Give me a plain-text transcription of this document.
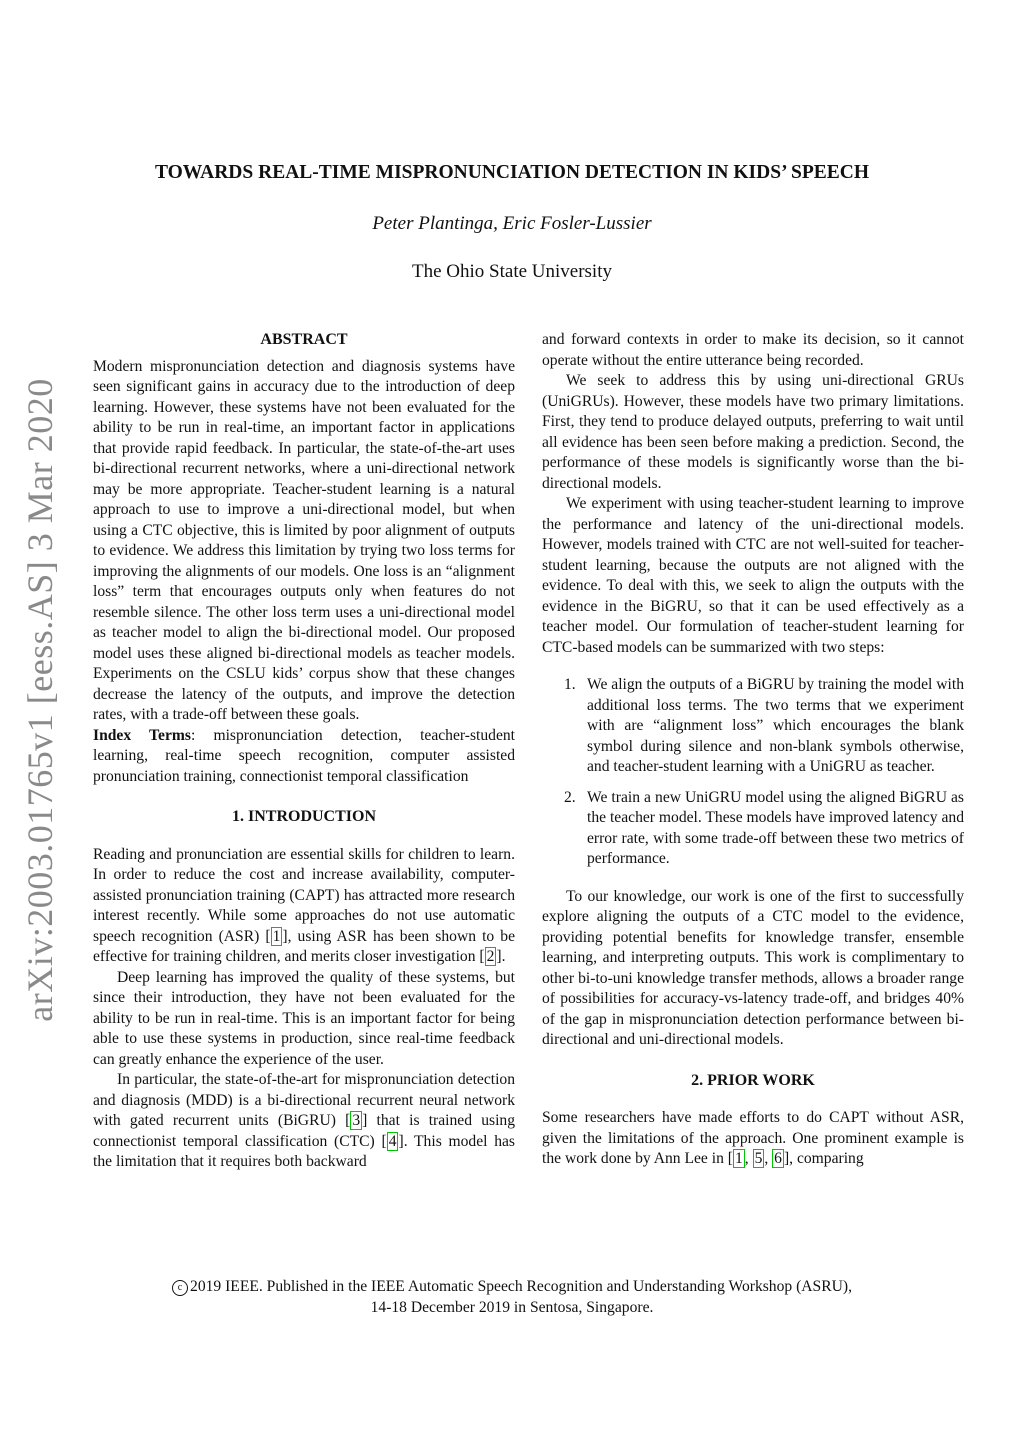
arXiv:2003.01765v1 [eess.AS] 3 Mar 2020
TOWARDS REAL-TIME MISPRONUNCIATION DETECTION IN KIDS’ SPEECH
Peter Plantinga, Eric Fosler-Lussier
The Ohio State University

ABSTRACT

Modern mispronunciation detection and diagnosis systems have seen significant gains in accuracy due to the introduction of deep learning. However, these systems have not been evaluated for the ability to be run in real-time, an important factor in applications that provide rapid feedback. In particular, the state-of-the-art uses bi-directional recurrent networks, where a uni-directional network may be more appropriate. Teacher-student learning is a natural approach to use to improve a uni-directional model, but when using a CTC objective, this is limited by poor alignment of outputs to evidence. We address this limitation by trying two loss terms for improving the alignments of our models. One loss is an “alignment loss” term that encourages outputs only when features do not resemble silence. The other loss term uses a uni-directional model as teacher model to align the bi-directional model. Our proposed model uses these aligned bi-directional models as teacher models. Experiments on the CSLU kids’ corpus show that these changes decrease the latency of the outputs, and improve the detection rates, with a trade-off between these goals.

Index Terms: mispronunciation detection, teacher-student learning, real-time speech recognition, computer assisted pronunciation training, connectionist temporal classification

1. INTRODUCTION

Reading and pronunciation are essential skills for children to learn. In order to reduce the cost and increase availability, computer-assisted pronunciation training (CAPT) has attracted more research interest recently. While some approaches do not use automatic speech recognition (ASR) [ 1 ], using ASR has been shown to be effective for training children, and merits closer investigation [ 2 ].

Deep learning has improved the quality of these systems, but since their introduction, they have not been evaluated for the ability to be run in real-time. This is an important factor for being able to use these systems in production, since real-time feedback can greatly enhance the experience of the user.

In particular, the state-of-the-art for mispronunciation detection and diagnosis (MDD) is a bi-directional recurrent neural network with gated recurrent units (BiGRU) [ 3 ] that is trained using connectionist temporal classification (CTC) [ 4 ]. This model has the limitation that it requires both backward

and forward contexts in order to make its decision, so it cannot operate without the entire utterance being recorded.

We seek to address this by using uni-directional GRUs (UniGRUs). However, these models have two primary limitations. First, they tend to produce delayed outputs, preferring to wait until all evidence has been seen before making a prediction. Second, the performance of these models is significantly worse than the bi-directional models.

We experiment with using teacher-student learning to improve the performance and latency of the uni-directional models. However, models trained with CTC are not well-suited for teacher-student learning, because the outputs are not aligned with the evidence. To deal with this, we seek to align the outputs with the evidence in the BiGRU, so that it can be used effectively as a teacher model. Our formulation of teacher-student learning for CTC-based models can be summarized with two steps:

1. We align the outputs of a BiGRU by training the model with additional loss terms. The two terms that we experiment with are “alignment loss” which encourages the blank symbol during silence and non-blank symbols otherwise, and teacher-student learning with a UniGRU as teacher.
2. We train a new UniGRU model using the aligned BiGRU as the teacher model. These models have improved latency and error rate, with some trade-off between these two metrics of performance.

To our knowledge, our work is one of the first to successfully explore aligning the outputs of a CTC model to the evidence, providing potential benefits for knowledge transfer, ensemble learning, and interpreting outputs. This work is complimentary to other bi-to-uni knowledge transfer methods, allows a broader range of possibilities for accuracy-vs-latency trade-off, and bridges 40% of the gap in mispronunciation detection performance between bi-directional and uni-directional models.

2. PRIOR WORK

Some researchers have made efforts to do CAPT without ASR, given the limitations of the approach. One prominent example is the work done by Ann Lee in [ 1 , 5 , 6 ], comparing

c 2019 IEEE. Published in the IEEE Automatic Speech Recognition and Understanding Workshop (ASRU),
14-18 December 2019 in Sentosa, Singapore.
